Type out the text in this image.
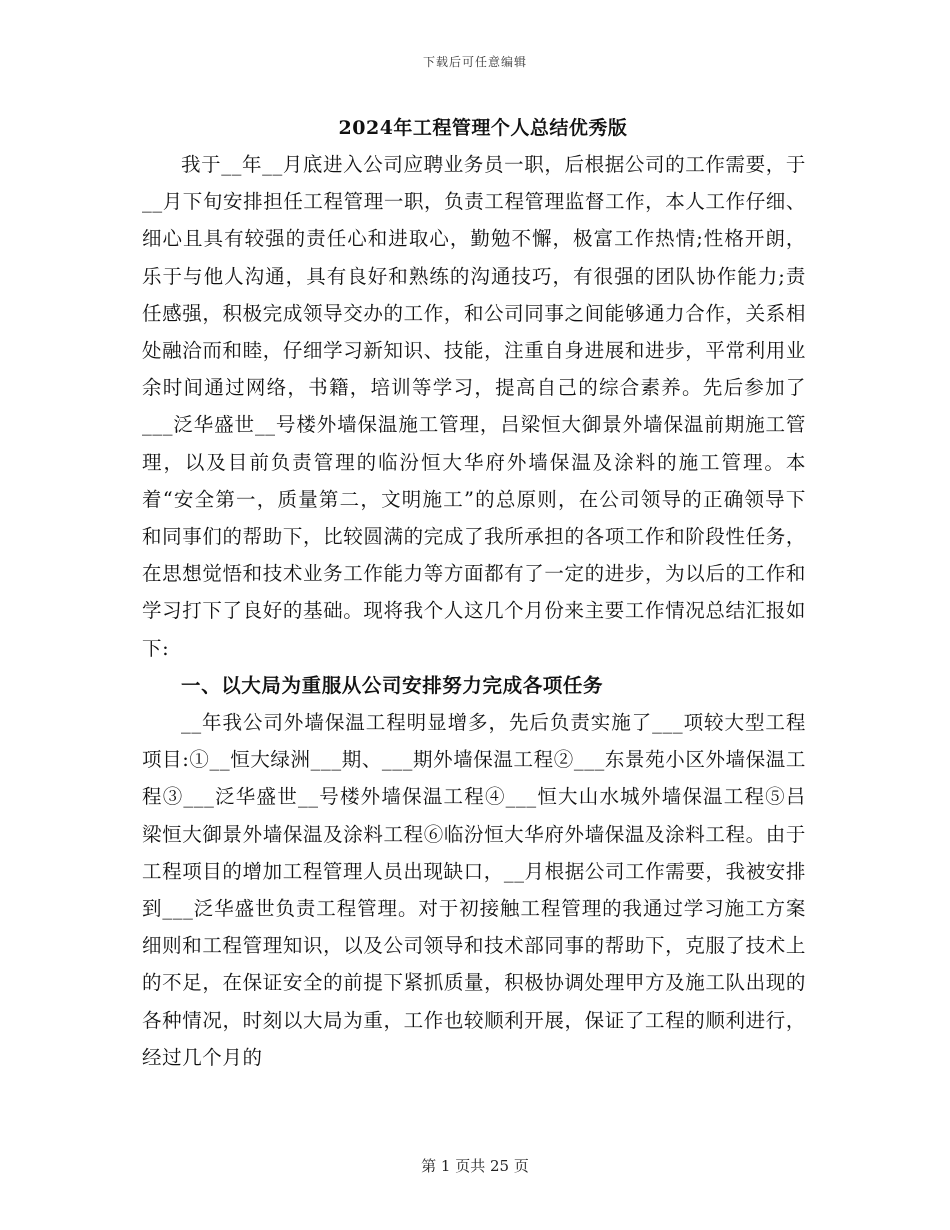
下载后可任意编辑
2024年工程管理个人总结优秀版

我于__年__月底进入公司应聘业务员一职，后根据公司的工作需要，于__月下旬安排担任工程管理一职，负责工程管理监督工作，本人工作仔细、细心且具有较强的责任心和进取心，勤勉不懈，极富工作热情;性格开朗，乐于与他人沟通，具有良好和熟练的沟通技巧，有很强的团队协作能力;责任感强，积极完成领导交办的工作，和公司同事之间能够通力合作，关系相处融洽而和睦，仔细学习新知识、技能，注重自身进展和进步，平常利用业余时间通过网络，书籍，培训等学习，提高自己的综合素养。先后参加了___泛华盛世__号楼外墙保温施工管理，吕梁恒大御景外墙保温前期施工管理，以及目前负责管理的临汾恒大华府外墙保温及涂料的施工管理。本着“安全第一，质量第二，文明施工”的总原则，在公司领导的正确领导下和同事们的帮助下，比较圆满的完成了我所承担的各项工作和阶段性任务，在思想觉悟和技术业务工作能力等方面都有了一定的进步，为以后的工作和学习打下了良好的基础。现将我个人这几个月份来主要工作情况总结汇报如下:

一、以大局为重服从公司安排努力完成各项任务

__年我公司外墙保温工程明显增多，先后负责实施了___项较大型工程项目:①__恒大绿洲___期、___期外墙保温工程②___东景苑小区外墙保温工程③___泛华盛世__号楼外墙保温工程④___恒大山水城外墙保温工程⑤吕梁恒大御景外墙保温及涂料工程⑥临汾恒大华府外墙保温及涂料工程。由于工程项目的增加工程管理人员出现缺口，__月根据公司工作需要，我被安排到___泛华盛世负责工程管理。对于初接触工程管理的我通过学习施工方案细则和工程管理知识，以及公司领导和技术部同事的帮助下，克服了技术上的不足，在保证安全的前提下紧抓质量，积极协调处理甲方及施工队出现的各种情况，时刻以大局为重，工作也较顺利开展，保证了工程的顺利进行，经过几个月的

第 1 页共 25 页
